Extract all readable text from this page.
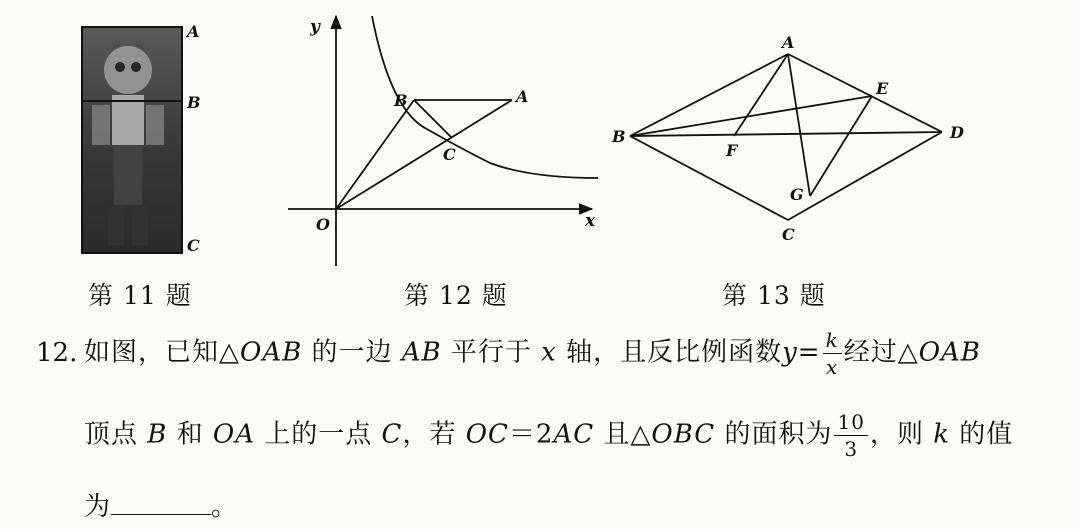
A
B
C
第 11 题
y
x
O
B	A
C
第 12 题
A
B
C
D
E
F
G
第 13 题
12. 如图，已知△OAB 的一边 AB 平行于 x 轴，且反比例函数$y= \frac{k}{x}$ 经过△OAB
顶点 B 和 OA 上的一点 C，若 OC＝2AC 且△OBC 的面积为 $\frac{10}{3}$ ，则 k 的值
为	。
